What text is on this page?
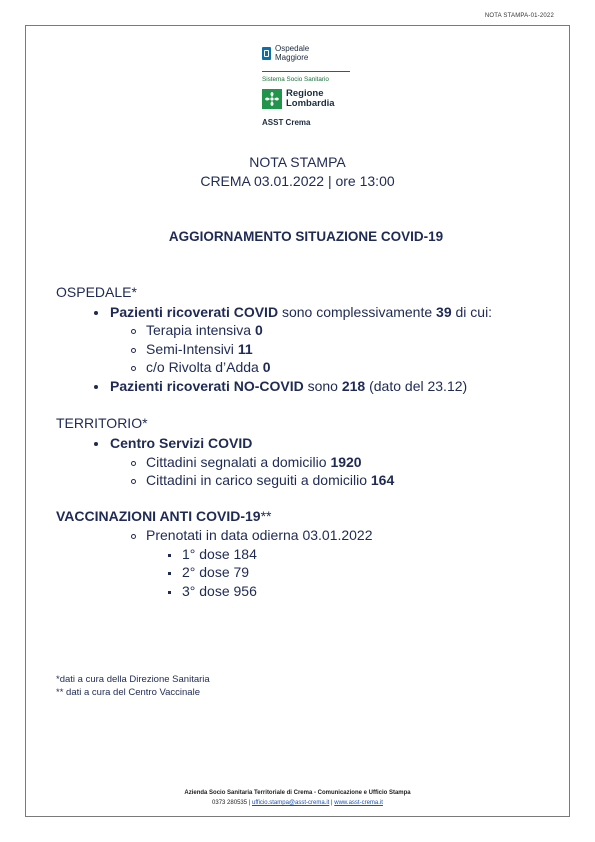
NOTA STAMPA-01-2022
Ospedale
Maggiore
Sistema Socio Sanitario
Regione
Lombardia
ASST Crema
NOTA STAMPA
CREMA 03.01.2022 | ore 13:00
AGGIORNAMENTO SITUAZIONE COVID-19
OSPEDALE*
Pazienti ricoverati COVID sono complessivamente 39 di cui:
Terapia intensiva 0
Semi-Intensivi 11
c/o Rivolta d’Adda 0
Pazienti ricoverati NO-COVID sono 218 (dato del 23.12)
TERRITORIO*
Centro Servizi COVID
Cittadini segnalati a domicilio 1920
Cittadini in carico seguiti a domicilio 164
VACCINAZIONI ANTI COVID-19**
Prenotati in data odierna 03.01.2022
1° dose 184
2° dose 79
3° dose 956
*dati a cura della Direzione Sanitaria
** dati a cura del Centro Vaccinale
Azienda Socio Sanitaria Territoriale di Crema - Comunicazione e Ufficio Stampa
0373 280535 | ufficio.stampa@asst-crema.it | www.asst-crema.it
